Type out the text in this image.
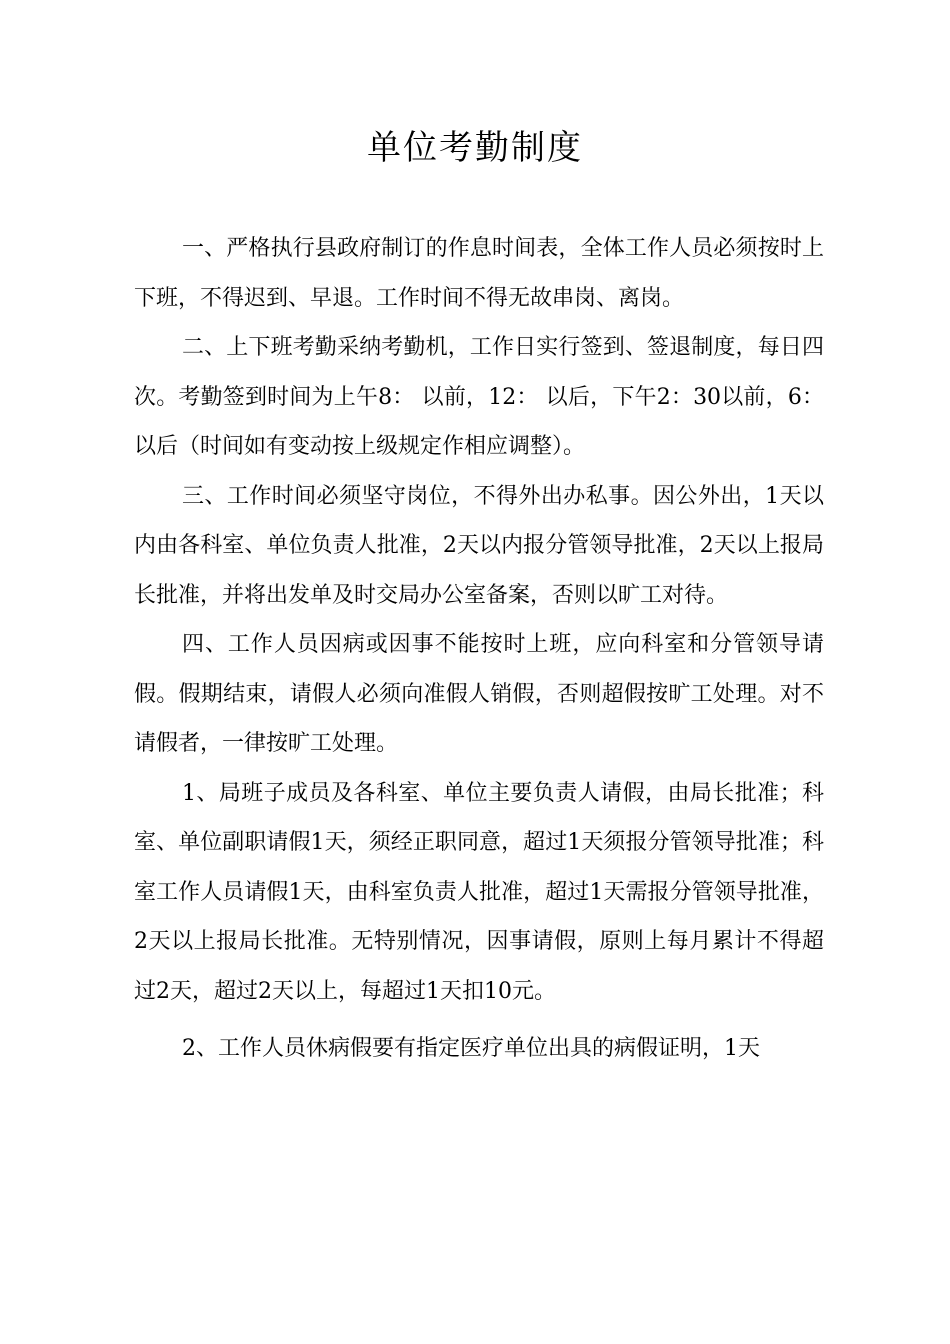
单位考勤制度

一、严格执行县政府制订的作息时间表，全体工作人员必须按时上下班，不得迟到、早退。工作时间不得无故串岗、离岗。

二、上下班考勤采纳考勤机，工作日实行签到、签退制度，每日四次。考勤签到时间为上午8： 以前，12： 以后，下午2：30以前，6：以后（时间如有变动按上级规定作相应调整）。

三、工作时间必须坚守岗位，不得外出办私事。因公外出，1天以内由各科室、单位负责人批准，2天以内报分管领导批准，2天以上报局长批准，并将出发单及时交局办公室备案，否则以旷工对待。

四、工作人员因病或因事不能按时上班，应向科室和分管领导请假。假期结束，请假人必须向准假人销假，否则超假按旷工处理。对不请假者，一律按旷工处理。

1、局班子成员及各科室、单位主要负责人请假，由局长批准；科室、单位副职请假1天，须经正职同意，超过1天须报分管领导批准；科室工作人员请假1天，由科室负责人批准，超过1天需报分管领导批准，2天以上报局长批准。无特别情况，因事请假，原则上每月累计不得超过2天，超过2天以上，每超过1天扣10元。

2、工作人员休病假要有指定医疗单位出具的病假证明，1天
